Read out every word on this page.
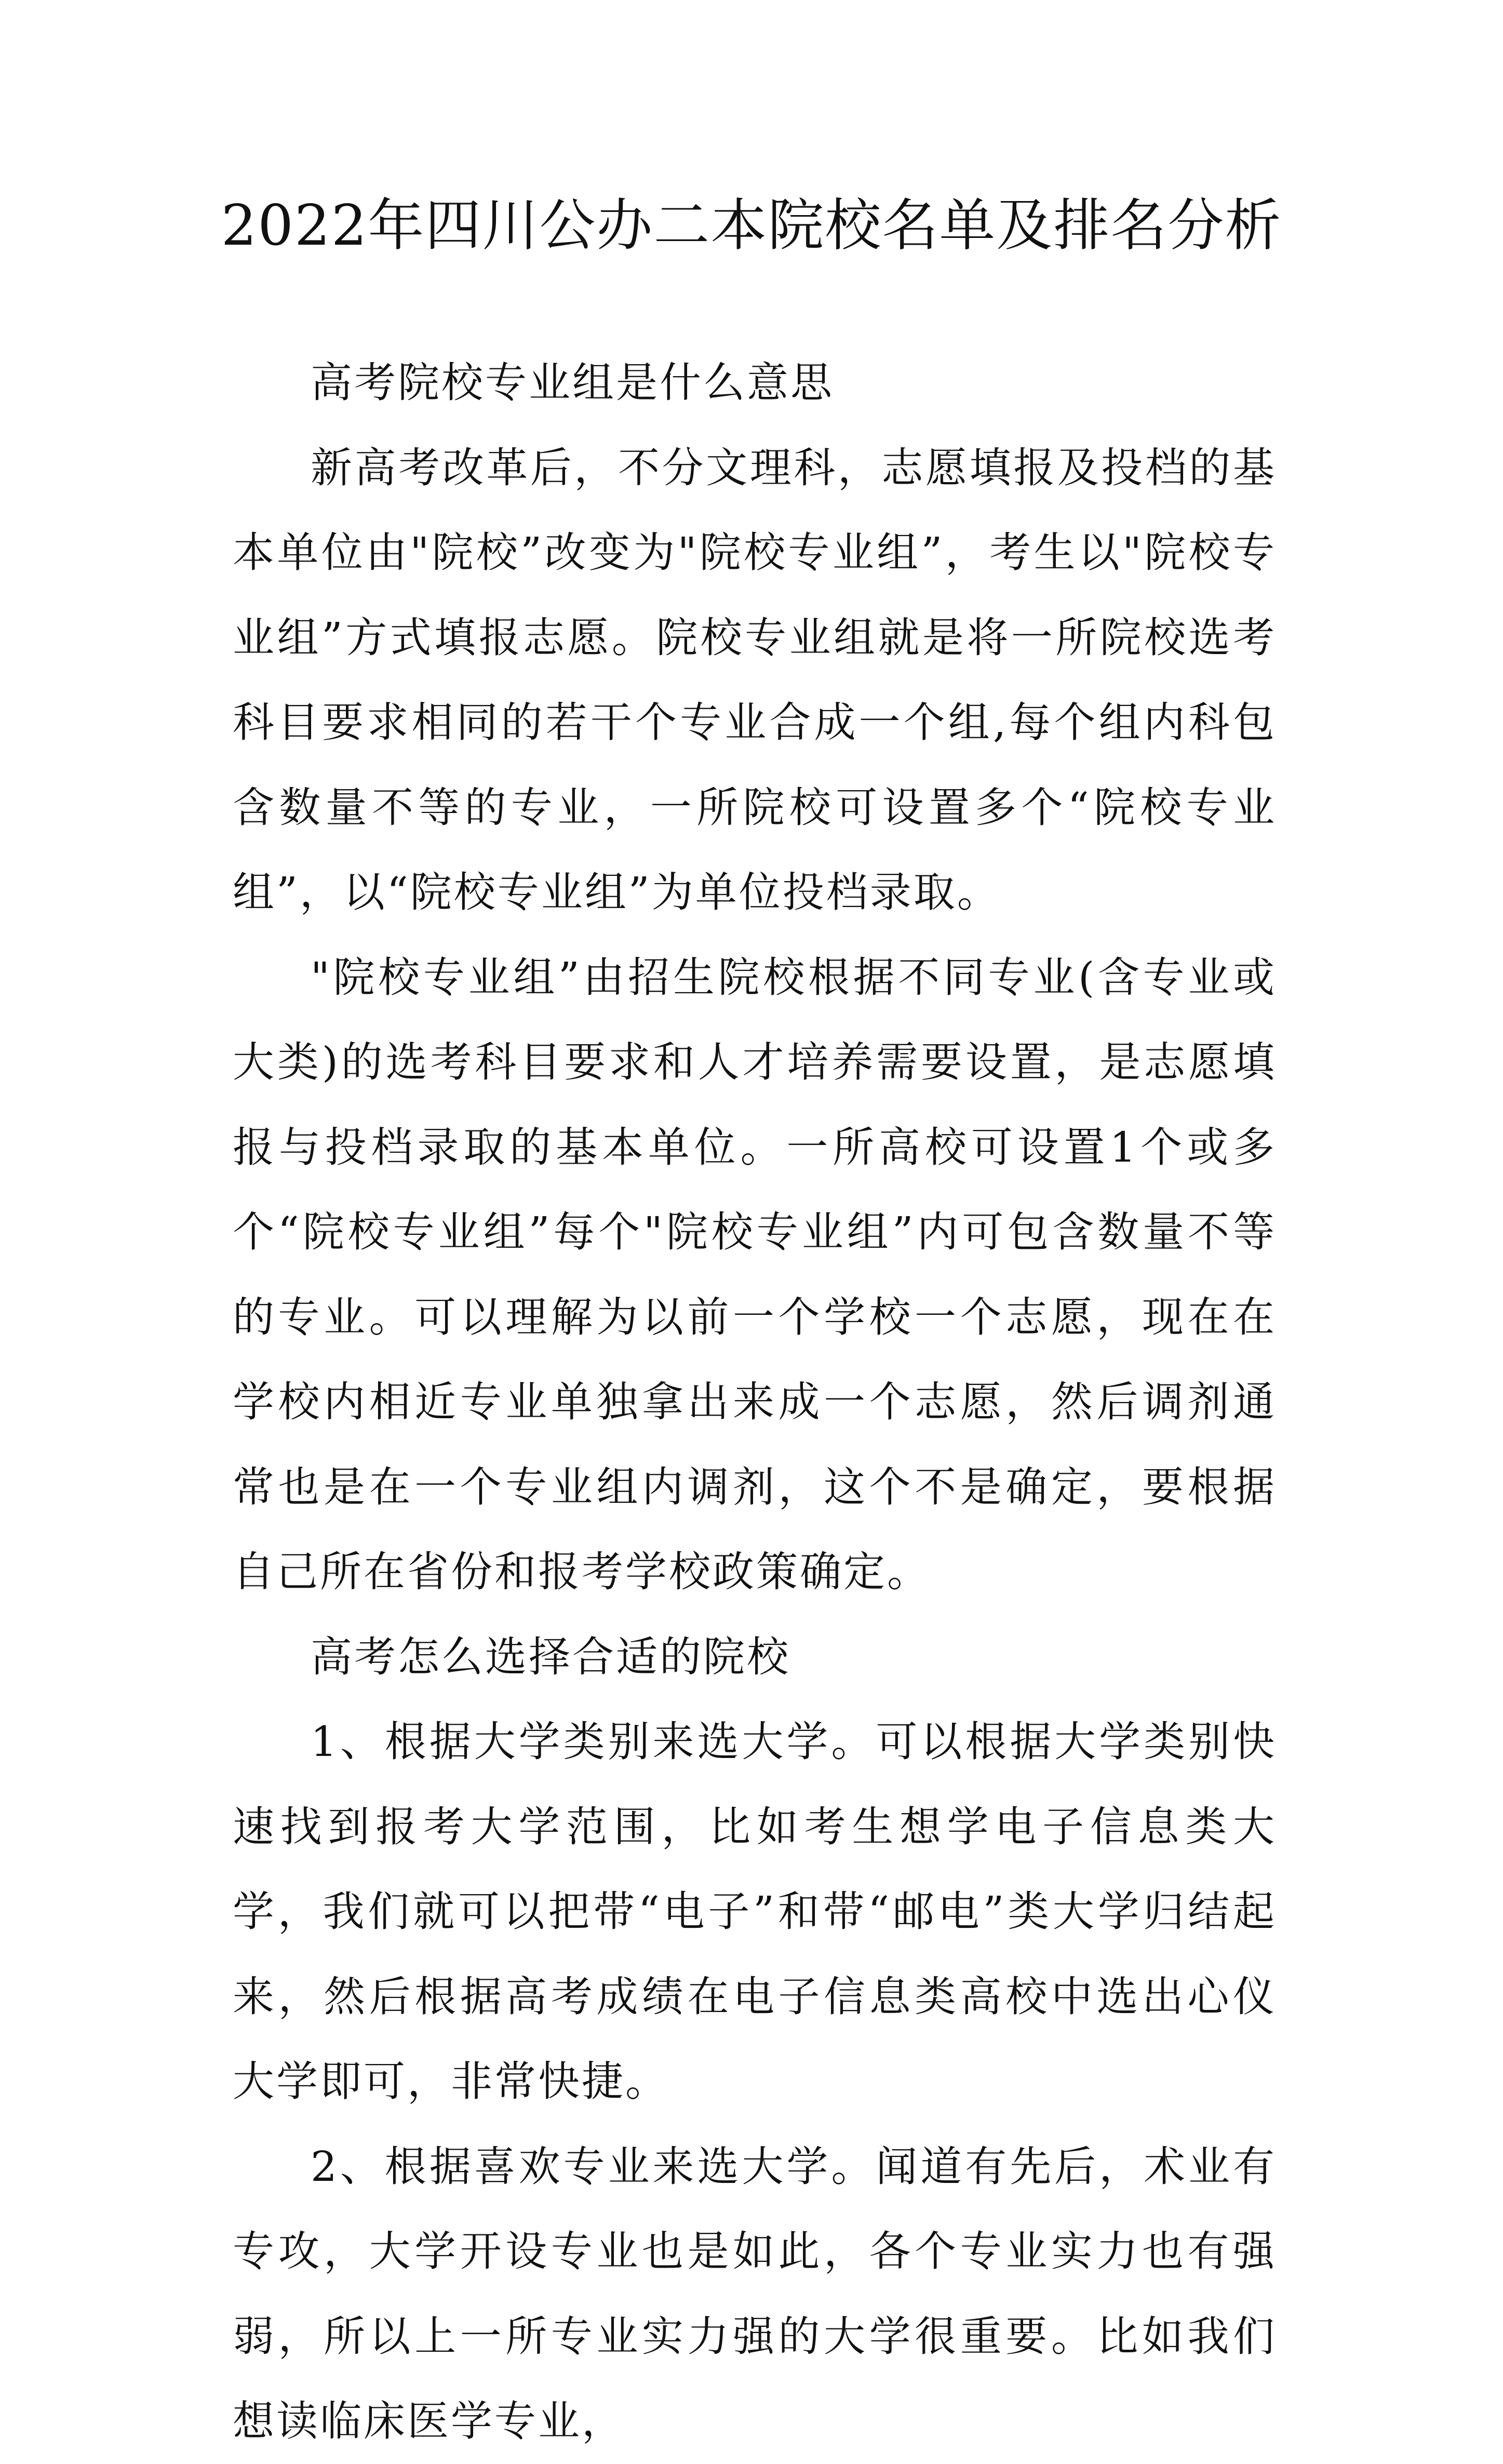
2022年四川公办二本院校名单及排名分析

高考院校专业组是什么意思

新高考改革后，不分文理科，志愿填报及投档的基本单位由"院校”改变为"院校专业组”，考生以"院校专业组”方式填报志愿。院校专业组就是将一所院校选考科目要求相同的若干个专业合成一个组,每个组内科包含数量不等的专业，一所院校可设置多个“院校专业组”，以“院校专业组”为单位投档录取。

"院校专业组”由招生院校根据不同专业(含专业或大类)的选考科目要求和人才培养需要设置，是志愿填报与投档录取的基本单位。一所高校可设置1个或多个“院校专业组”每个"院校专业组”内可包含数量不等的专业。可以理解为以前一个学校一个志愿，现在在学校内相近专业单独拿出来成一个志愿，然后调剂通常也是在一个专业组内调剂，这个不是确定，要根据自己所在省份和报考学校政策确定。

高考怎么选择合适的院校

1、根据大学类别来选大学。可以根据大学类别快速找到报考大学范围，比如考生想学电子信息类大学，我们就可以把带“电子”和带“邮电”类大学归结起来，然后根据高考成绩在电子信息类高校中选出心仪大学即可，非常快捷。

2、根据喜欢专业来选大学。闻道有先后，术业有专攻，大学开设专业也是如此，各个专业实力也有强弱，所以上一所专业实力强的大学很重要。比如我们想读临床医学专业，
